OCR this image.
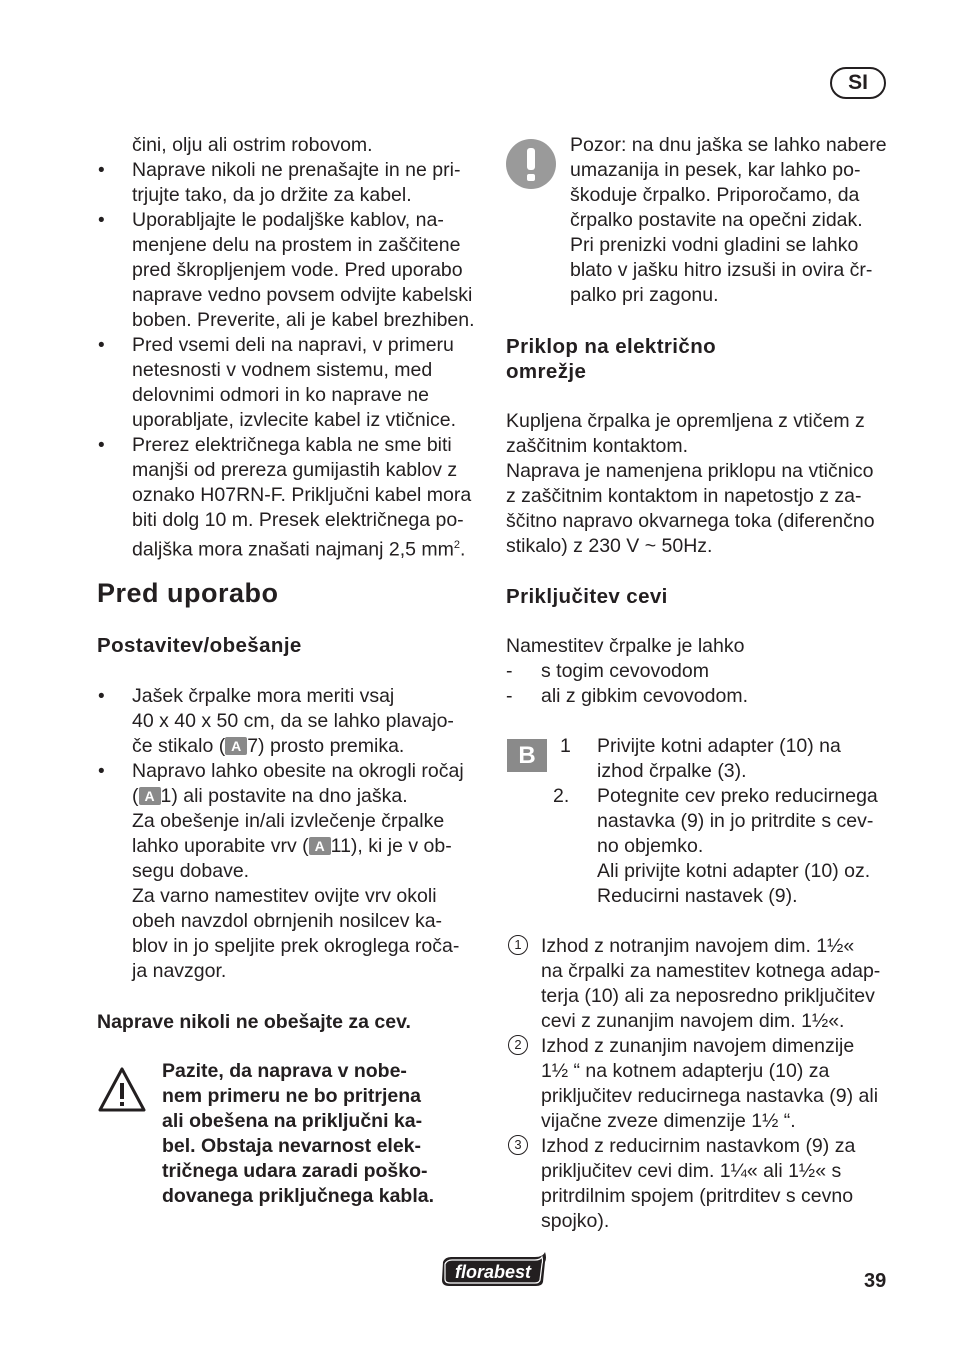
SI
čini, olju ali ostrim robovom.
• Naprave nikoli ne prenašajte in ne pri-
trjujte tako, da jo držite za kabel.
• Uporabljajte le podaljške kablov, na-
menjene delu na prostem in zaščitene
pred škropljenjem vode. Pred uporabo
naprave vedno povsem odvijte kabelski
boben. Preverite, ali je kabel brezhiben.
• Pred vsemi deli na napravi, v primeru
netesnosti v vodnem sistemu, med
delovnimi odmori in ko naprave ne
uporabljate, izvlecite kabel iz vtičnice.
• Prerez električnega kabla ne sme biti
manjši od prereza gumijastih kablov z
oznako H07RN-F. Priključni kabel mora
biti dolg 10 m. Presek električnega po-
daljška mora znašati najmanj 2,5 $mm^2$.
Pred uporabo
Postavitev/obešanje
• Jašek črpalke mora meriti vsaj
40 x 40 x 50 cm, da se lahko plavajo-
če stikalo ( A 7) prosto premika.
• Napravo lahko obesite na okrogli ročaj
( A 1) ali postavite na dno jaška.
Za obešenje in/ali izvlečenje črpalke
lahko uporabite vrv ( A 11), ki je v ob-
segu dobave.
Za varno namestitev ovijte vrv okoli
obeh navzdol obrnjenih nosilcev ka-
blov in jo speljite prek okroglega roča-
ja navzgor.
Naprave nikoli ne obešajte za cev.
Pazite, da naprava v nobe-
nem primeru ne bo pritrjena
ali obešena na priključni ka-
bel. Obstaja nevarnost elek-
tričnega udara zaradi poško-
dovanega priključnega kabla.
Pozor: na dnu jaška se lahko nabere
umazanija in pesek, kar lahko po-
škoduje črpalko. Priporočamo, da
črpalko postavite na opečni zidak.
Pri prenizki vodni gladini se lahko
blato v jašku hitro izsuši in ovira čr-
palko pri zagonu.
Priklop na električno
omrežje
Kupljena črpalka je opremljena z vtičem z
zaščitnim kontaktom.
Naprava je namenjena priklopu na vtičnico
z zaščitnim kontaktom in napetostjo z za-
ščitno napravo okvarnega toka (diferenčno
stikalo) z 230 V ~ 50Hz.
Priključitev cevi
Namestitev črpalke je lahko
- s togim cevovodom
- ali z gibkim cevovodom.
B	1 Privijte kotni adapter (10) na
izhod črpalke (3).
2. Potegnite cev preko reducirnega
nastavka (9) in jo pritrdite s cev-
no objemko.
Ali privijte kotni adapter (10) oz.
Reducirni nastavek (9).
1 Izhod z notranjim navojem dim. 1½«
na črpalki za namestitev kotnega adap-
terja (10) ali za neposredno priključitev
cevi z zunanjim navojem dim. 1½«.
2 Izhod z zunanjim navojem dimenzije
1½ “ na kotnem adapterju (10) za
priključitev reducirnega nastavka (9) ali
vijačne zveze dimenzije 1½ “.
3 Izhod z reducirnim nastavkom (9) za
priključitev cevi dim. 1¼« ali 1½« s
pritrdilnim spojem (pritrditev s cevno
spojko).
florabest	39
